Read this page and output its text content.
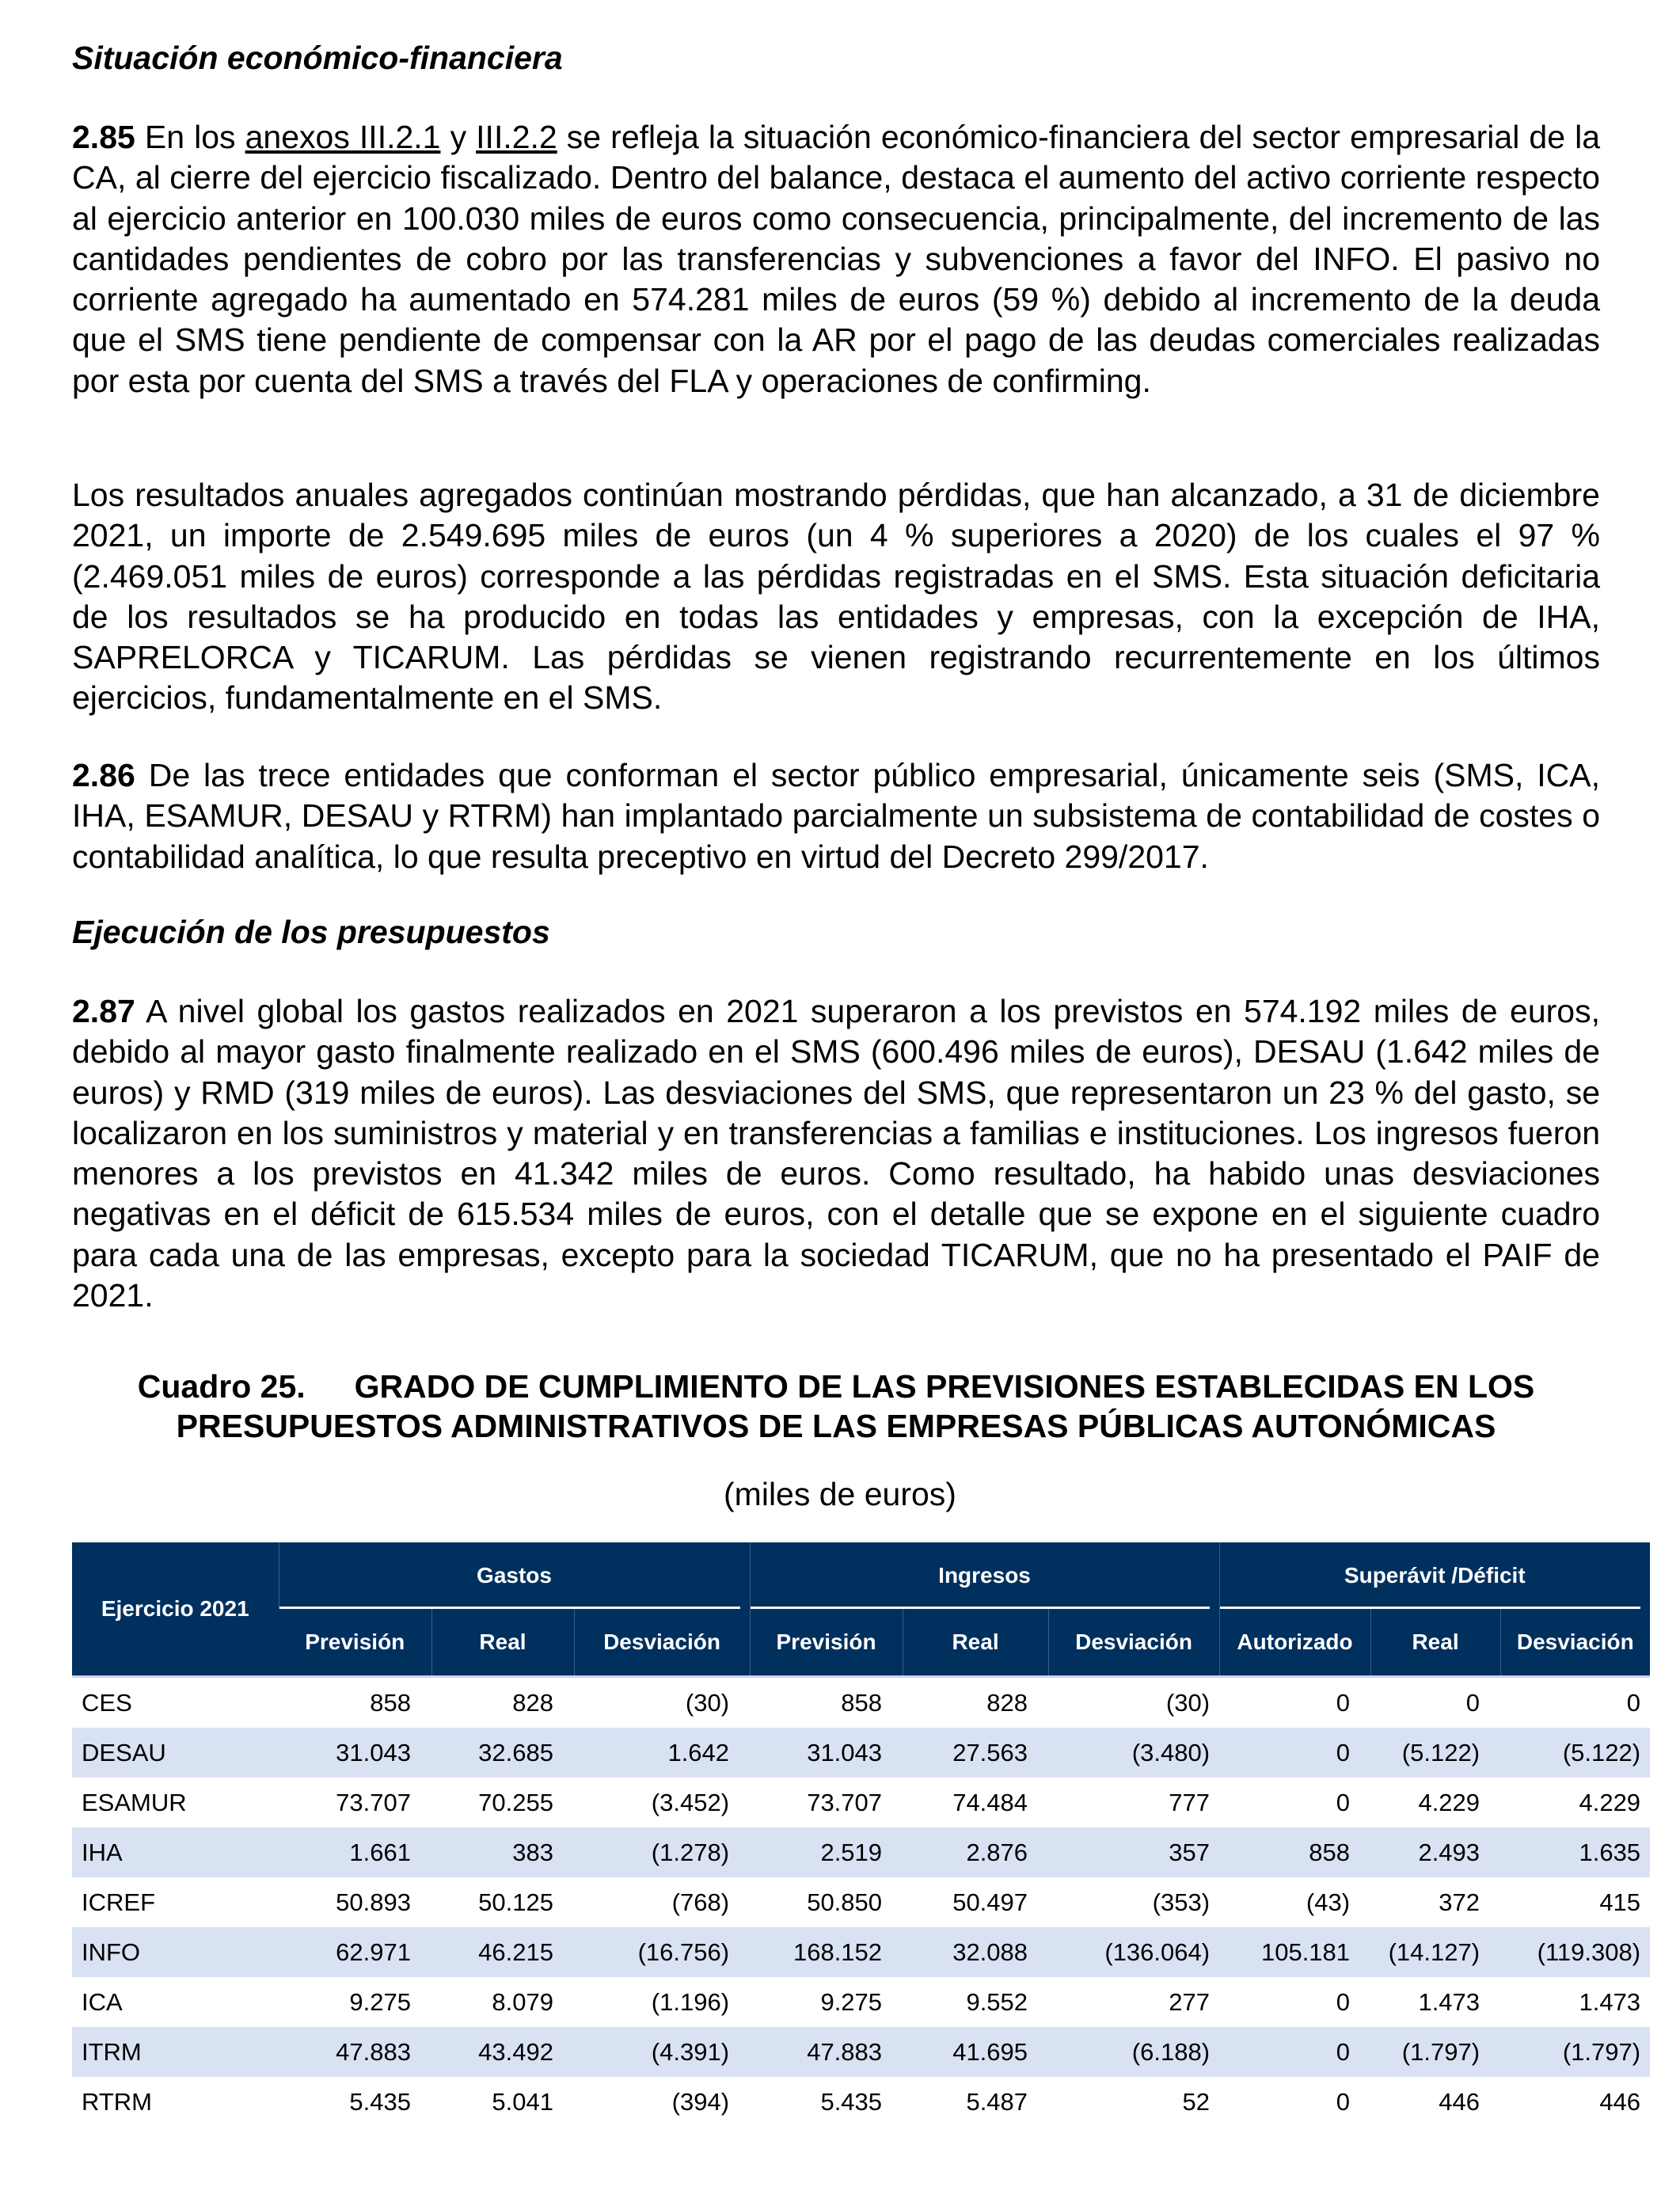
Situación económico-financiera

2.85 En los anexos III.2.1 y III.2.2 se refleja la situación económico-financiera del sector empresarial de la CA, al cierre del ejercicio fiscalizado. Dentro del balance, destaca el aumento del activo corriente respecto al ejercicio anterior en 100.030 miles de euros como consecuencia, principalmente, del incremento de las cantidades pendientes de cobro por las transferencias y subvenciones a favor del INFO. El pasivo no corriente agregado ha aumentado en 574.281 miles de euros (59 %) debido al incremento de la deuda que el SMS tiene pendiente de compensar con la AR por el pago de las deudas comerciales realizadas por esta por cuenta del SMS a través del FLA y operaciones de confirming.

Los resultados anuales agregados continúan mostrando pérdidas, que han alcanzado, a 31 de diciembre 2021, un importe de 2.549.695 miles de euros (un 4 % superiores a 2020) de los cuales el 97 % (2.469.051 miles de euros) corresponde a las pérdidas registradas en el SMS. Esta situación deficitaria de los resultados se ha producido en todas las entidades y empresas, con la excepción de IHA, SAPRELORCA y TICARUM. Las pérdidas se vienen registrando recurrentemente en los últimos ejercicios, fundamentalmente en el SMS.

2.86 De las trece entidades que conforman el sector público empresarial, únicamente seis (SMS, ICA, IHA, ESAMUR, DESAU y RTRM) han implantado parcialmente un subsistema de contabilidad de costes o contabilidad analítica, lo que resulta preceptivo en virtud del Decreto 299/2017.

Ejecución de los presupuestos

2.87 A nivel global los gastos realizados en 2021 superaron a los previstos en 574.192 miles de euros, debido al mayor gasto finalmente realizado en el SMS (600.496 miles de euros), DESAU (1.642 miles de euros) y RMD (319 miles de euros). Las desviaciones del SMS, que representaron un 23 % del gasto, se localizaron en los suministros y material y en transferencias a familias e instituciones. Los ingresos fueron menores a los previstos en 41.342 miles de euros. Como resultado, ha habido unas desviaciones negativas en el déficit de 615.534 miles de euros, con el detalle que se expone en el siguiente cuadro para cada una de las empresas, excepto para la sociedad TICARUM, que no ha presentado el PAIF de 2021.

Cuadro 25. GRADO DE CUMPLIMIENTO DE LAS PREVISIONES ESTABLECIDAS EN LOS
PRESUPUESTOS ADMINISTRATIVOS DE LAS EMPRESAS PÚBLICAS AUTONÓMICAS
(miles de euros)
Ejercicio 2021	Gastos			Ingresos			Superávit /Déficit		
	Previsión	Real	Desviación	Previsión	Real	Desviación	Autorizado	Real	Desviación
CES	858	828	(30)	858	828	(30)	0	0	0
DESAU	31.043	32.685	1.642	31.043	27.563	(3.480)	0	(5.122)	(5.122)
ESAMUR	73.707	70.255	(3.452)	73.707	74.484	777	0	4.229	4.229
IHA	1.661	383	(1.278)	2.519	2.876	357	858	2.493	1.635
ICREF	50.893	50.125	(768)	50.850	50.497	(353)	(43)	372	415
INFO	62.971	46.215	(16.756)	168.152	32.088	(136.064)	105.181	(14.127)	(119.308)
ICA	9.275	8.079	(1.196)	9.275	9.552	277	0	1.473	1.473
ITRM	47.883	43.492	(4.391)	47.883	41.695	(6.188)	0	(1.797)	(1.797)
RTRM	5.435	5.041	(394)	5.435	5.487	52	0	446	446
